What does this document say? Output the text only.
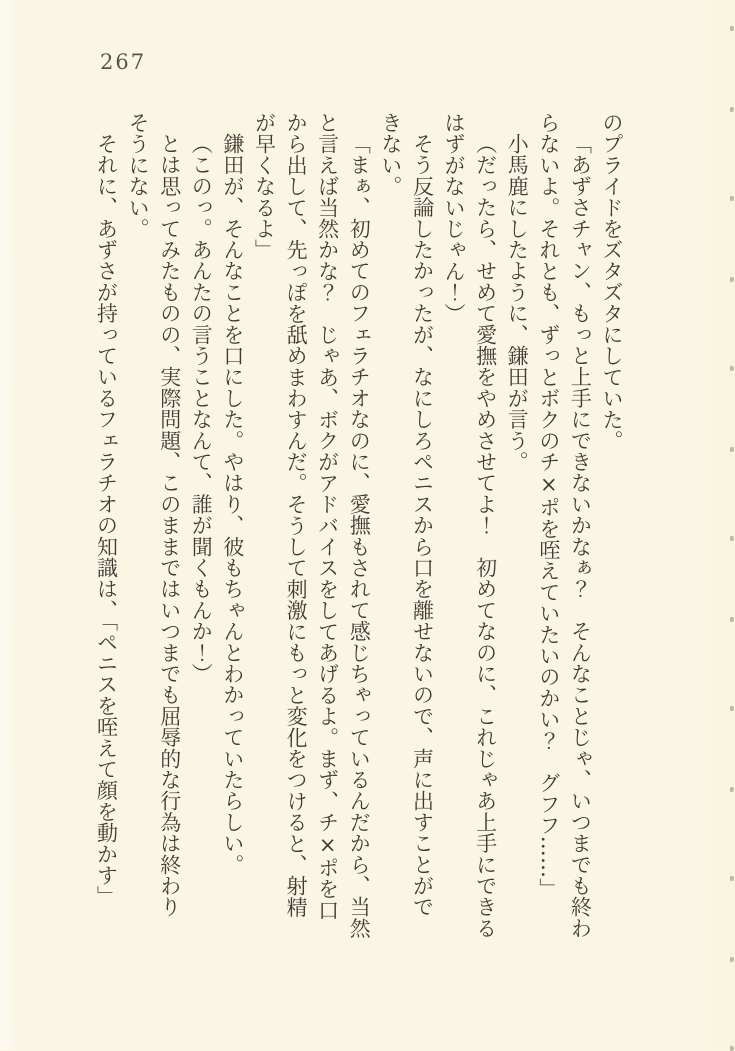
267

のプライドをズタズタにしていた。

「あずさチャン、もっと上手にできないかなぁ？　そんなことじゃ、いつまでも終わ

らないよ。それとも、ずっとボクのチ×ポを咥えていたいのかい？　グフフ……」

小馬鹿にしたように、鎌田が言う。

（だったら、せめて愛撫をやめさせてよ！　初めてなのに、これじゃあ上手にできる

はずがないじゃん！）

そう反論したかったが、なにしろペニスから口を離せないので、声に出すことがで

きない。

「まぁ、初めてのフェラチオなのに、愛撫もされて感じちゃっているんだから、当然

と言えば当然かな？　じゃあ、ボクがアドバイスをしてあげるよ。まず、チ×ポを口

から出して、先っぽを舐めまわすんだ。そうして刺激にもっと変化をつけると、射精

が早くなるよ」

鎌田が、そんなことを口にした。やはり、彼もちゃんとわかっていたらしい。

（このっ。あんたの言うことなんて、誰が聞くもんか！）

とは思ってみたものの、実際問題、このままではいつまでも屈辱的な行為は終わり

そうにない。

それに、あずさが持っているフェラチオの知識は、「ペニスを咥えて顔を動かす」
